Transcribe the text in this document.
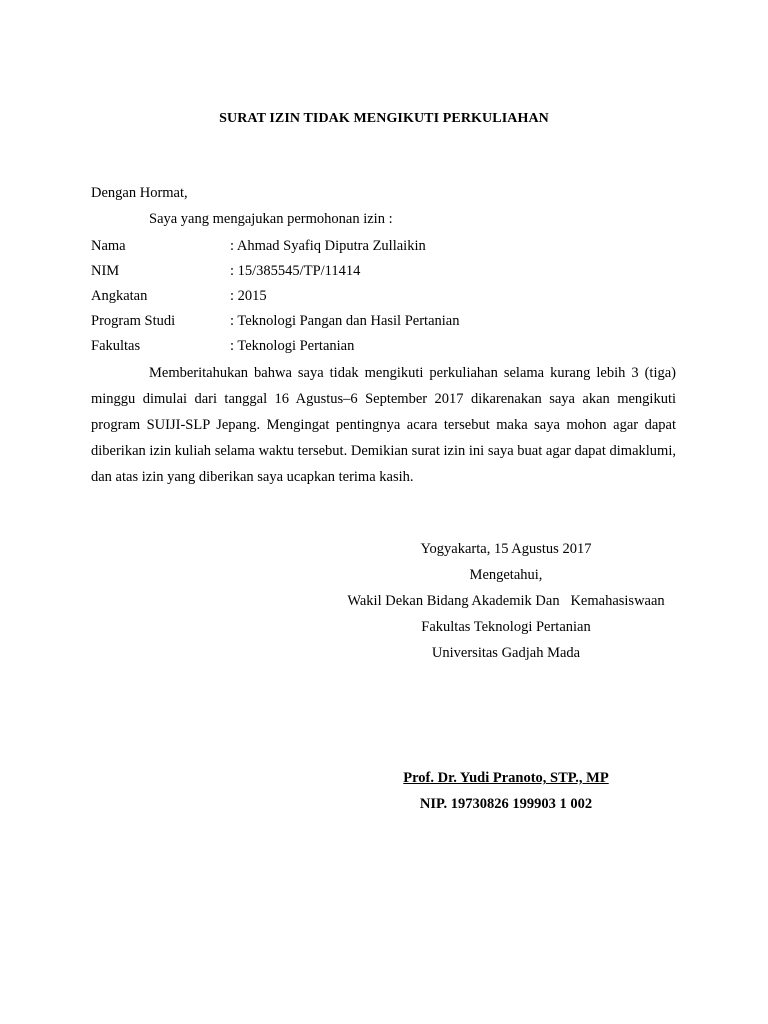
SURAT IZIN TIDAK MENGIKUTI PERKULIAHAN
Dengan Hormat,
Saya yang mengajukan permohonan izin :
Nama	: Ahmad Syafiq Diputra Zullaikin
NIM	: 15/385545/TP/11414
Angkatan	: 2015
Program Studi	: Teknologi Pangan dan Hasil Pertanian
Fakultas	: Teknologi Pertanian
Memberitahukan bahwa saya tidak mengikuti perkuliahan selama kurang lebih 3 (tiga) minggu dimulai dari tanggal 16 Agustus–6 September 2017 dikarenakan saya akan mengikuti program SUIJI-SLP Jepang. Mengingat pentingnya acara tersebut maka saya mohon agar dapat diberikan izin kuliah selama waktu tersebut. Demikian surat izin ini saya buat agar dapat dimaklumi, dan atas izin yang diberikan saya ucapkan terima kasih.
Yogyakarta, 15 Agustus 2017
Mengetahui,
Wakil Dekan Bidang Akademik Dan   Kemahasiswaan
Fakultas Teknologi Pertanian
Universitas Gadjah Mada
Prof. Dr. Yudi Pranoto, STP., MP
NIP. 19730826 199903 1 002
